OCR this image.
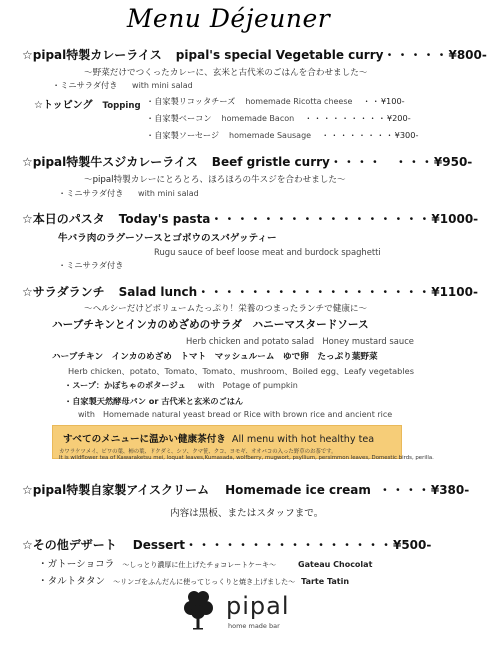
Menu Déjeuner
☆pipal特製カレーライス pipal's special Vegetable curry ・・・・・ ¥800-
〜野菜だけでつくったカレーに、玄米と古代米のごはんを合わせました〜
・ミニサラダ付き with mini salad
☆トッピング Topping ・自家製リコッタチーズ homemade Ricotta cheese ・・ ¥100-
・自家製ベーコン homemade Bacon ・・・・・・・・・ ¥200-
・自家製ソーセージ homemade Sausage ・・・・・・・・ ¥300-
☆pipal特製牛スジカレーライス Beef gristle curry ・・・・　・・・ ¥950-
〜pipal特製カレーにとろとろ、ほろほろの牛スジを合わせました〜
・ミニサラダ付き with mini salad
☆本日のパスタ Today's pasta ・・・・・・・・・・・・・・・・・ ¥1000-
牛バラ肉のラグーソースとゴボウのスパゲッティー
Rugu sauce of beef loose meat and burdock spaghetti
・ミニサラダ付き
☆サラダランチ Salad lunch ・・・・・・・・・・・・・・・・・・ ¥1100-
〜ヘルシーだけどボリュームたっぷり！栄養のつまったランチで健康に〜
ハーブチキンとインカのめざめのサラダ　ハニーマスタードソース
Herb chicken and potato salad　Honey mustard sauce
ハーブチキン　インカのめざめ　トマト　マッシュルーム　ゆで卵　たっぷり葉野菜
Herb chicken、potato、Tomato、Tomato、mushroom、Boiled egg、Leafy vegetables
・スープ：かぼちゃのポタージュ with　Potage of pumpkin
・自家製天然酵母パン or 古代米と玄米のごはん
with　Homemade natural yeast bread or Rice with brown rice and ancient rice
すべてのメニューに温かい健康茶付き All menu with hot healthy tea
カワラケツメイ、ビワの葉、柿の葉、ドクダミ、シソ、クマ笹、クコ、ヨモギ、オオバコの入った野草のお茶です。
It is wildflower tea of Kawaraketsu mei, loquat leaves,Kumasada, wolfberry, mugwort, psyllium, persimmon leaves, Domestic birds, perilla.
☆pipal特製自家製アイスクリーム Homemade ice cream ・・・・ ¥380-
内容は黒板、またはスタッフまで。
☆その他デザート Dessert ・・・・・・・・・・・・・・・・ ¥500-
・ガトーショコラ 〜しっとり濃厚に仕上げたチョコレートケーキ〜	Gateau Chocolat
・タルトタタン 〜リンゴをふんだんに使ってじっくりと焼き上げました〜 Tarte Tatin
pipal
home made bar
